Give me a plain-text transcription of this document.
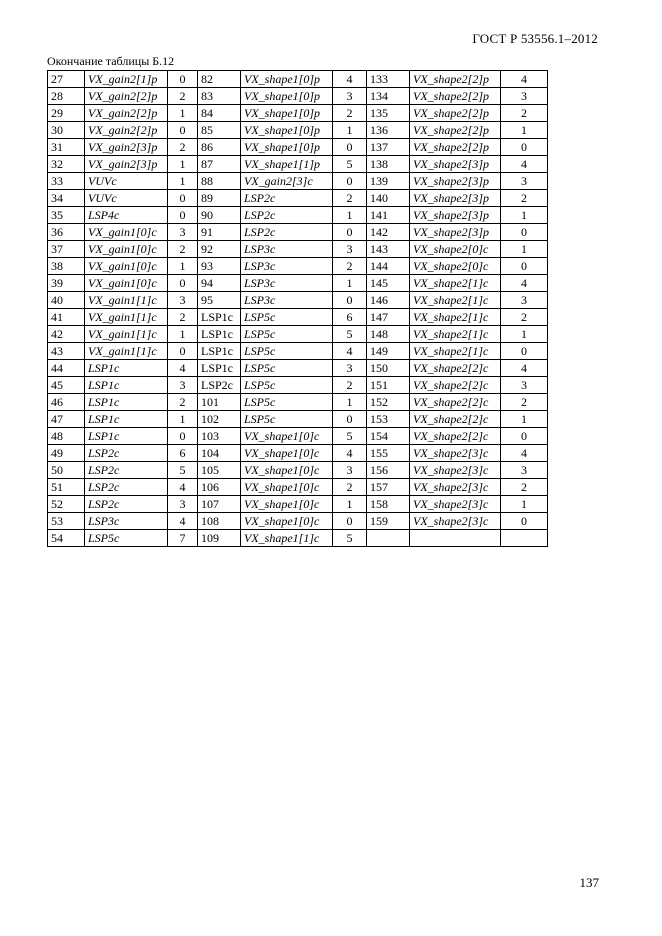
ГОСТ Р 53556.1–2012
Окончание таблицы Б.12
27	VX_gain2[1]p	0	82	VX_shape1[0]p	4	133	VX_shape2[2]p	4
28	VX_gain2[2]p	2	83	VX_shape1[0]p	3	134	VX_shape2[2]p	3
29	VX_gain2[2]p	1	84	VX_shape1[0]p	2	135	VX_shape2[2]p	2
30	VX_gain2[2]p	0	85	VX_shape1[0]p	1	136	VX_shape2[2]p	1
31	VX_gain2[3]p	2	86	VX_shape1[0]p	0	137	VX_shape2[2]p	0
32	VX_gain2[3]p	1	87	VX_shape1[1]p	5	138	VX_shape2[3]p	4
33	VUVc	1	88	VX_gain2[3]c	0	139	VX_shape2[3]p	3
34	VUVc	0	89	LSP2c	2	140	VX_shape2[3]p	2
35	LSP4c	0	90	LSP2c	1	141	VX_shape2[3]p	1
36	VX_gain1[0]c	3	91	LSP2c	0	142	VX_shape2[3]p	0
37	VX_gain1[0]c	2	92	LSP3c	3	143	VX_shape2[0]c	1
38	VX_gain1[0]c	1	93	LSP3c	2	144	VX_shape2[0]c	0
39	VX_gain1[0]c	0	94	LSP3c	1	145	VX_shape2[1]c	4
40	VX_gain1[1]c	3	95	LSP3c	0	146	VX_shape2[1]c	3
41	VX_gain1[1]c	2	LSP1c	LSP5c	6	147	VX_shape2[1]c	2
42	VX_gain1[1]c	1	LSP1c	LSP5c	5	148	VX_shape2[1]c	1
43	VX_gain1[1]c	0	LSP1c	LSP5c	4	149	VX_shape2[1]c	0
44	LSP1c	4	LSP1c	LSP5c	3	150	VX_shape2[2]c	4
45	LSP1c	3	LSP2c	LSP5c	2	151	VX_shape2[2]c	3
46	LSP1c	2	101	LSP5c	1	152	VX_shape2[2]c	2
47	LSP1c	1	102	LSP5c	0	153	VX_shape2[2]c	1
48	LSP1c	0	103	VX_shape1[0]c	5	154	VX_shape2[2]c	0
49	LSP2c	6	104	VX_shape1[0]c	4	155	VX_shape2[3]c	4
50	LSP2c	5	105	VX_shape1[0]c	3	156	VX_shape2[3]c	3
51	LSP2c	4	106	VX_shape1[0]c	2	157	VX_shape2[3]c	2
52	LSP2c	3	107	VX_shape1[0]c	1	158	VX_shape2[3]c	1
53	LSP3c	4	108	VX_shape1[0]c	0	159	VX_shape2[3]c	0
54	LSP5c	7	109	VX_shape1[1]c	5			
137
